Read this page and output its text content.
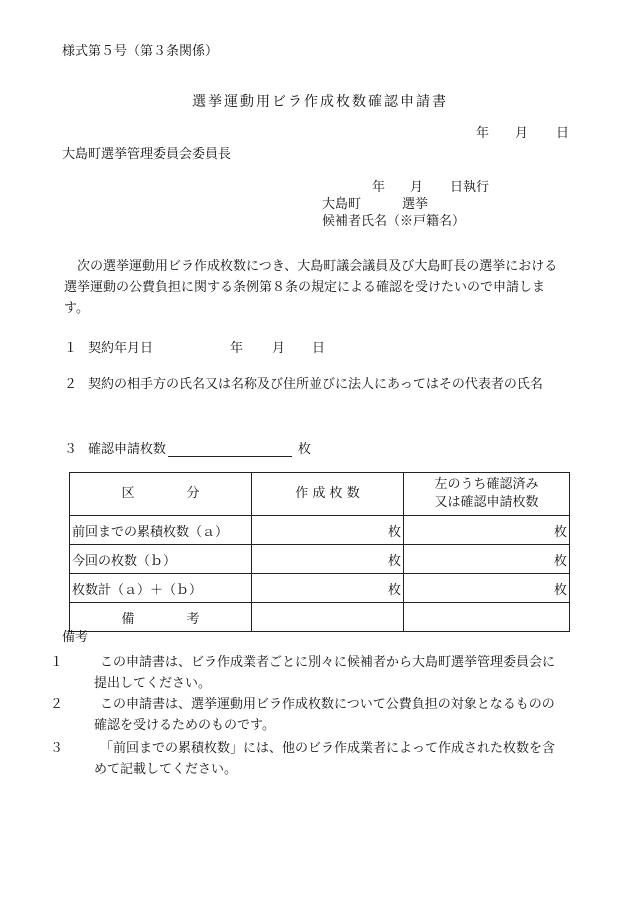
様式第５号（第３条関係）
選挙運動用ビラ作成枚数確認申請書
年 月 日
大島町選挙管理委員会委員長
年 月 日執行
大島町	選挙
候補者氏名（※戸籍名）
次の選挙運動用ビラ作成枚数につき、大島町議会議員及び大島町長の選挙における選挙運動の公費負担に関する条例第８条の規定による確認を受けたいので申請します。
１ 契約年月日	年 月 日
２ 契約の相手方の氏名又は名称及び住所並びに法人にあってはその代表者の氏名
３ 確認申請枚数	枚
区　　　　分	作 成 枚 数	左のうち確認済み
又は確認申請枚数

前回までの累積枚数（ａ）	枚	枚
今回の枚数（ｂ）	枚	枚
枚数計（ａ）＋（ｂ）	枚	枚
備　　　　考		
備考
１	この申請書は、ビラ作成業者ごとに別々に候補者から大島町選挙管理委員会に提出してください。
２	この申請書は、選挙運動用ビラ作成枚数について公費負担の対象となるものの確認を受けるためのものです。
３	「前回までの累積枚数」には、他のビラ作成業者によって作成された枚数を含めて記載してください。
